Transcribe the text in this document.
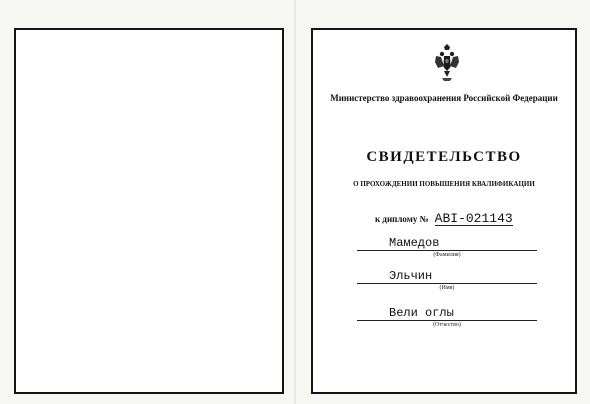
Министерство здравоохранения Российской Федерации
СВИДЕТЕЛЬСТВО
О ПРОХОЖДЕНИИ ПОВЫШЕНИЯ КВАЛИФИКАЦИИ
к диплому № ABI-021143
Мамедов
(Фамилия)
Эльчин
(Имя)
Вели оглы
(Отчество)
